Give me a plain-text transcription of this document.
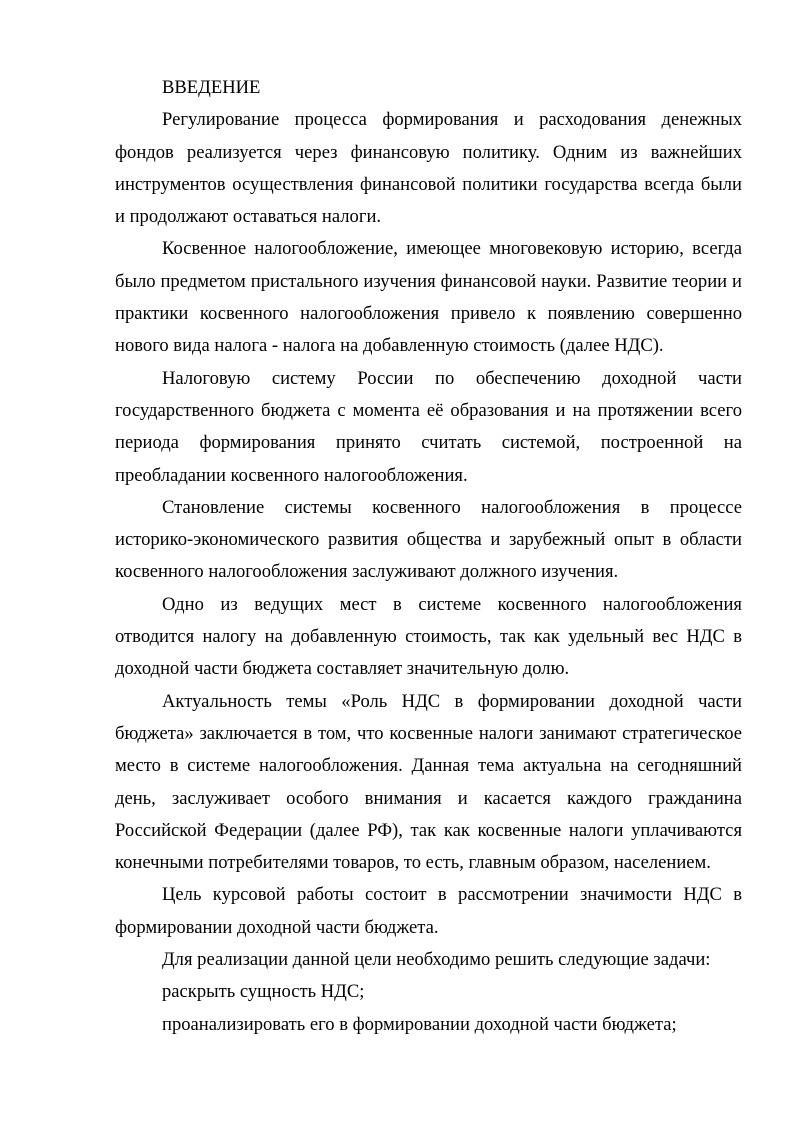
ВВЕДЕНИЕ

Регулирование процесса формирования и расходования денежных фондов реализуется через финансовую политику. Одним из важнейших инструментов осуществления финансовой политики государства всегда были и продолжают оставаться налоги.

Косвенное налогообложение, имеющее многовековую историю, всегда было предметом пристального изучения финансовой науки. Развитие теории и практики косвенного налогообложения привело к появлению совершенно нового вида налога - налога на добавленную стоимость (далее НДС).

Налоговую систему России по обеспечению доходной части государственного бюджета с момента её образования и на протяжении всего периода формирования принято считать системой, построенной на преобладании косвенного налогообложения.

Становление системы косвенного налогообложения в процессе историко-экономического развития общества и зарубежный опыт в области косвенного налогообложения заслуживают должного изучения.

Одно из ведущих мест в системе косвенного налогообложения отводится налогу на добавленную стоимость, так как удельный вес НДС в доходной части бюджета составляет значительную долю.

Актуальность темы «Роль НДС в формировании доходной части бюджета» заключается в том, что косвенные налоги занимают стратегическое место в системе налогообложения. Данная тема актуальна на сегодняшний день, заслуживает особого внимания и касается каждого гражданина Российской Федерации (далее РФ), так как косвенные налоги уплачиваются конечными потребителями товаров, то есть, главным образом, населением.

Цель курсовой работы состоит в рассмотрении значимости НДС в формировании доходной части бюджета.

Для реализации данной цели необходимо решить следующие задачи:

раскрыть сущность НДС;

проанализировать его в формировании доходной части бюджета;
